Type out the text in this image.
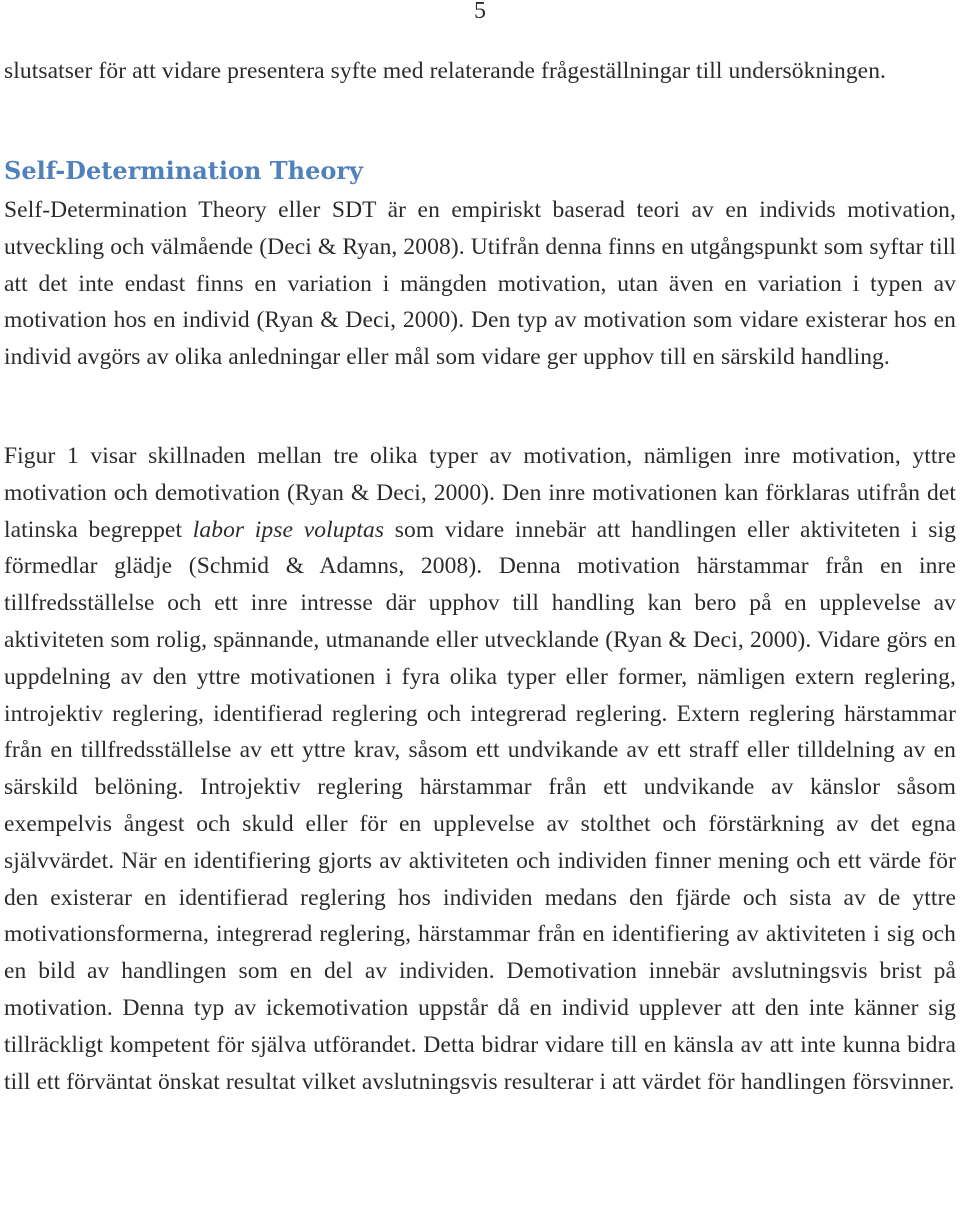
5

slutsatser för att vidare presentera syfte med relaterande frågeställningar till undersökningen.

Self-Determination Theory

Self-Determination Theory eller SDT är en empiriskt baserad teori av en individs motivation, utveckling och välmående (Deci & Ryan, 2008). Utifrån denna finns en utgångspunkt som syftar till att det inte endast finns en variation i mängden motivation, utan även en variation i typen av motivation hos en individ (Ryan & Deci, 2000). Den typ av motivation som vidare existerar hos en individ avgörs av olika anledningar eller mål som vidare ger upphov till en särskild handling.

Figur 1 visar skillnaden mellan tre olika typer av motivation, nämligen inre motivation, yttre motivation och demotivation (Ryan & Deci, 2000). Den inre motivationen kan förklaras utifrån det latinska begreppet labor ipse voluptas som vidare innebär att handlingen eller aktiviteten i sig förmedlar glädje (Schmid & Adamns, 2008). Denna motivation härstammar från en inre tillfredsställelse och ett inre intresse där upphov till handling kan bero på en upplevelse av aktiviteten som rolig, spännande, utmanande eller utvecklande (Ryan & Deci, 2000). Vidare görs en uppdelning av den yttre motivationen i fyra olika typer eller former, nämligen extern reglering, introjektiv reglering, identifierad reglering och integrerad reglering. Extern reglering härstammar från en tillfredsställelse av ett yttre krav, såsom ett undvikande av ett straff eller tilldelning av en särskild belöning. Introjektiv reglering härstammar från ett undvikande av känslor såsom exempelvis ångest och skuld eller för en upplevelse av stolthet och förstärkning av det egna självvärdet. När en identifiering gjorts av aktiviteten och individen finner mening och ett värde för den existerar en identifierad reglering hos individen medans den fjärde och sista av de yttre motivationsformerna, integrerad reglering, härstammar från en identifiering av aktiviteten i sig och en bild av handlingen som en del av individen. Demotivation innebär avslutningsvis brist på motivation. Denna typ av ickemotivation uppstår då en individ upplever att den inte känner sig tillräckligt kompetent för själva utförandet. Detta bidrar vidare till en känsla av att inte kunna bidra till ett förväntat önskat resultat vilket avslutningsvis resulterar i att värdet för handlingen försvinner.
